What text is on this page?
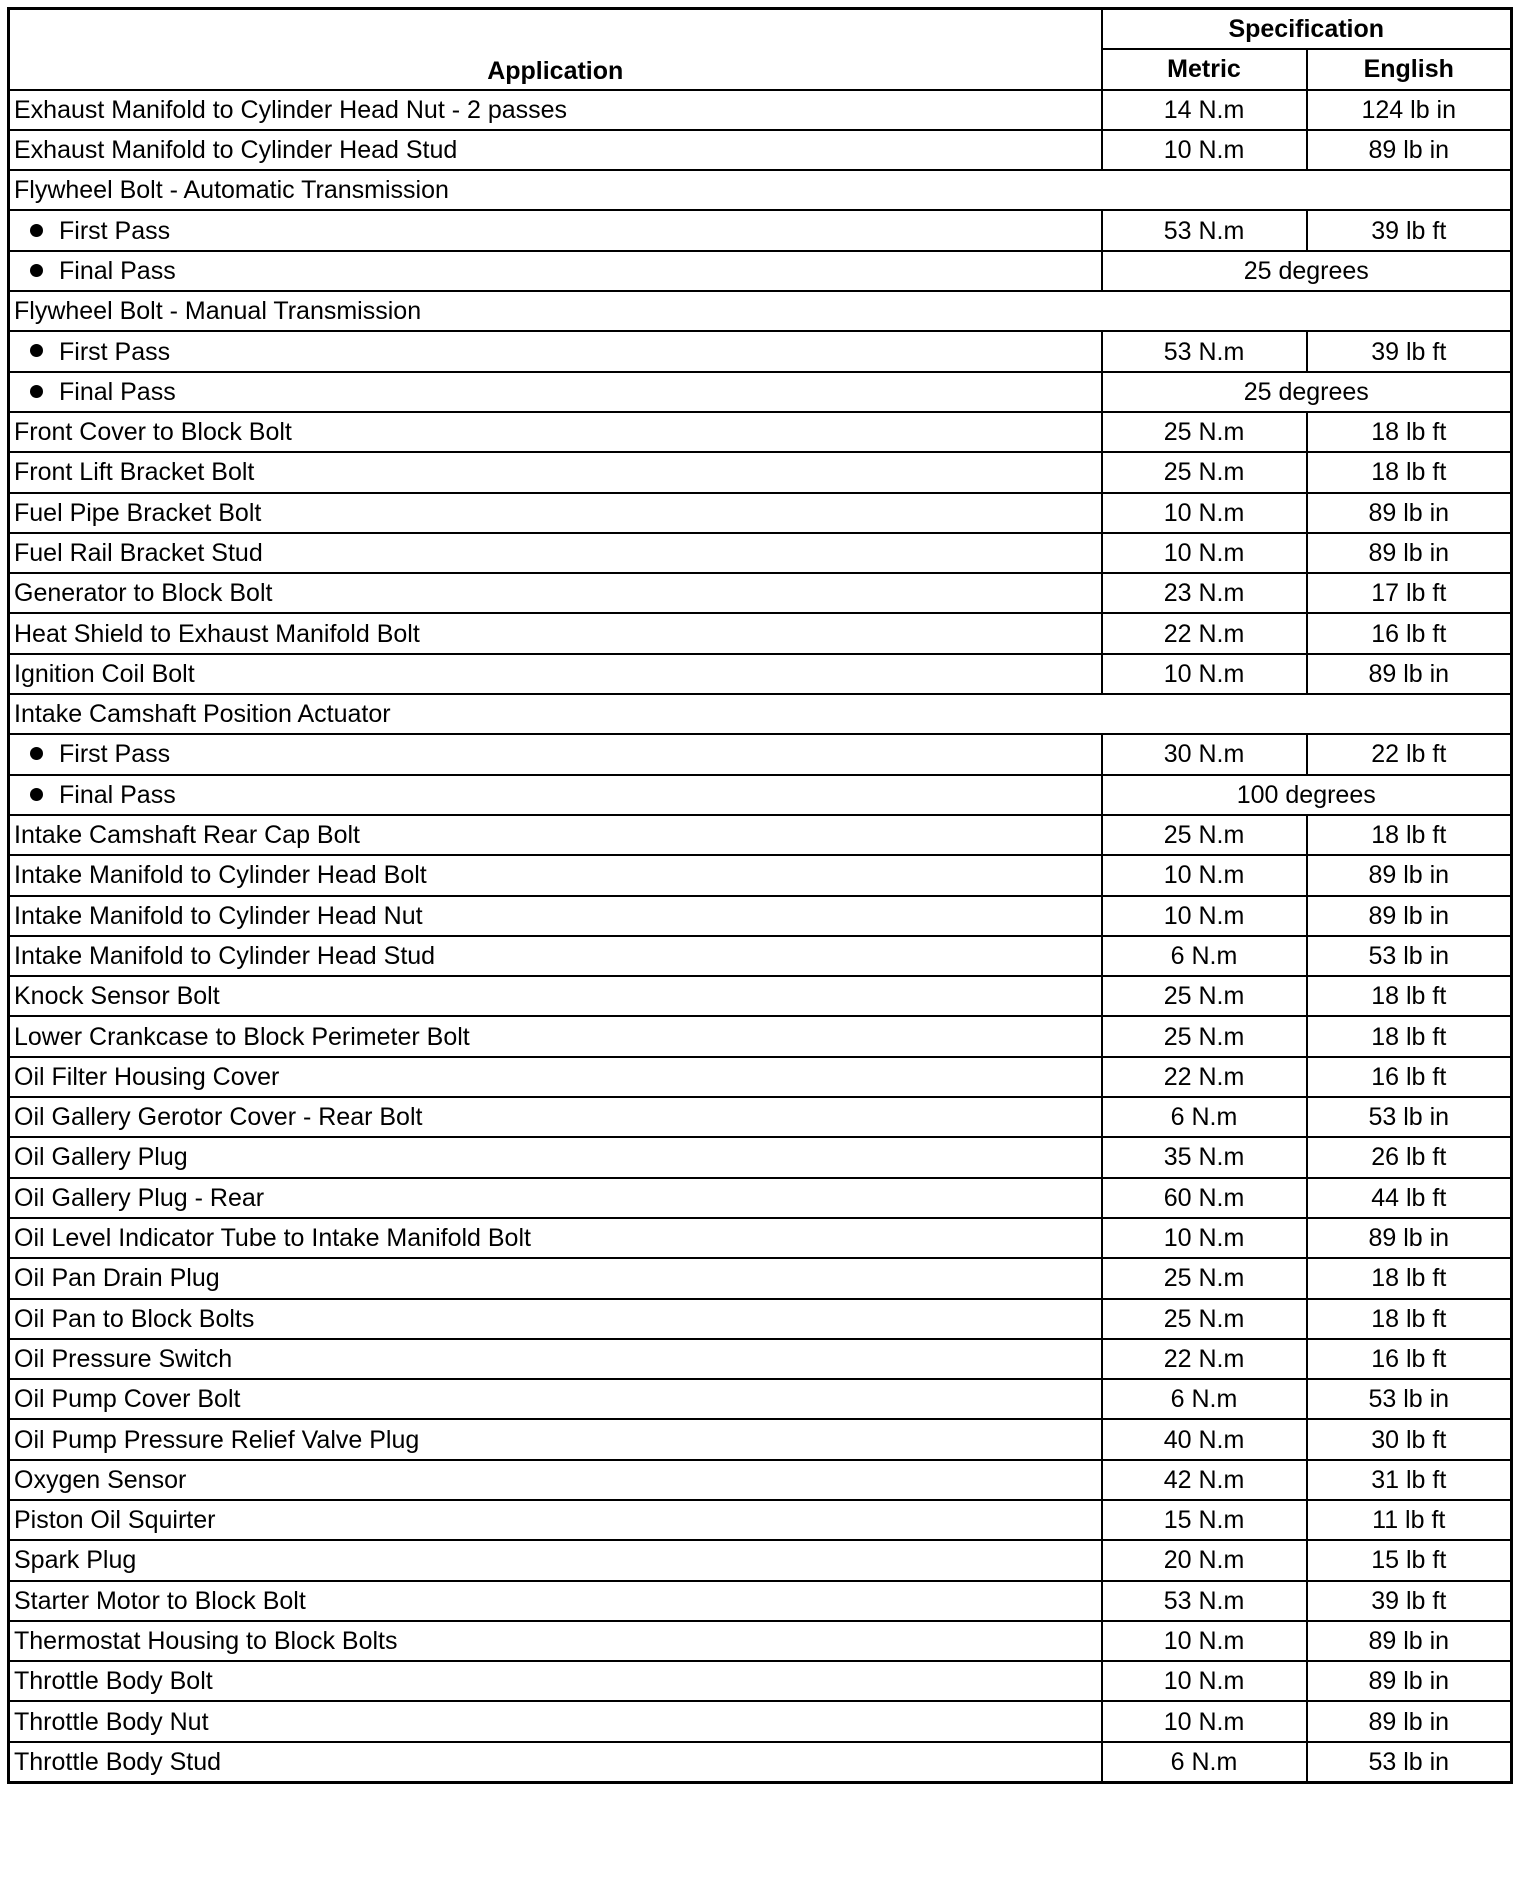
Application	Specification	
	Metric	English
Exhaust Manifold to Cylinder Head Nut - 2 passes	14 N.m	124 lb in
Exhaust Manifold to Cylinder Head Stud	10 N.m	89 lb in
Flywheel Bolt - Automatic Transmission		
First Pass	53 N.m	39 lb ft
Final Pass	25 degrees	
Flywheel Bolt - Manual Transmission		
First Pass	53 N.m	39 lb ft
Final Pass	25 degrees	
Front Cover to Block Bolt	25 N.m	18 lb ft
Front Lift Bracket Bolt	25 N.m	18 lb ft
Fuel Pipe Bracket Bolt	10 N.m	89 lb in
Fuel Rail Bracket Stud	10 N.m	89 lb in
Generator to Block Bolt	23 N.m	17 lb ft
Heat Shield to Exhaust Manifold Bolt	22 N.m	16 lb ft
Ignition Coil Bolt	10 N.m	89 lb in
Intake Camshaft Position Actuator		
First Pass	30 N.m	22 lb ft
Final Pass	100 degrees	
Intake Camshaft Rear Cap Bolt	25 N.m	18 lb ft
Intake Manifold to Cylinder Head Bolt	10 N.m	89 lb in
Intake Manifold to Cylinder Head Nut	10 N.m	89 lb in
Intake Manifold to Cylinder Head Stud	6 N.m	53 lb in
Knock Sensor Bolt	25 N.m	18 lb ft
Lower Crankcase to Block Perimeter Bolt	25 N.m	18 lb ft
Oil Filter Housing Cover	22 N.m	16 lb ft
Oil Gallery Gerotor Cover - Rear Bolt	6 N.m	53 lb in
Oil Gallery Plug	35 N.m	26 lb ft
Oil Gallery Plug - Rear	60 N.m	44 lb ft
Oil Level Indicator Tube to Intake Manifold Bolt	10 N.m	89 lb in
Oil Pan Drain Plug	25 N.m	18 lb ft
Oil Pan to Block Bolts	25 N.m	18 lb ft
Oil Pressure Switch	22 N.m	16 lb ft
Oil Pump Cover Bolt	6 N.m	53 lb in
Oil Pump Pressure Relief Valve Plug	40 N.m	30 lb ft
Oxygen Sensor	42 N.m	31 lb ft
Piston Oil Squirter	15 N.m	11 lb ft
Spark Plug	20 N.m	15 lb ft
Starter Motor to Block Bolt	53 N.m	39 lb ft
Thermostat Housing to Block Bolts	10 N.m	89 lb in
Throttle Body Bolt	10 N.m	89 lb in
Throttle Body Nut	10 N.m	89 lb in
Throttle Body Stud	6 N.m	53 lb in
